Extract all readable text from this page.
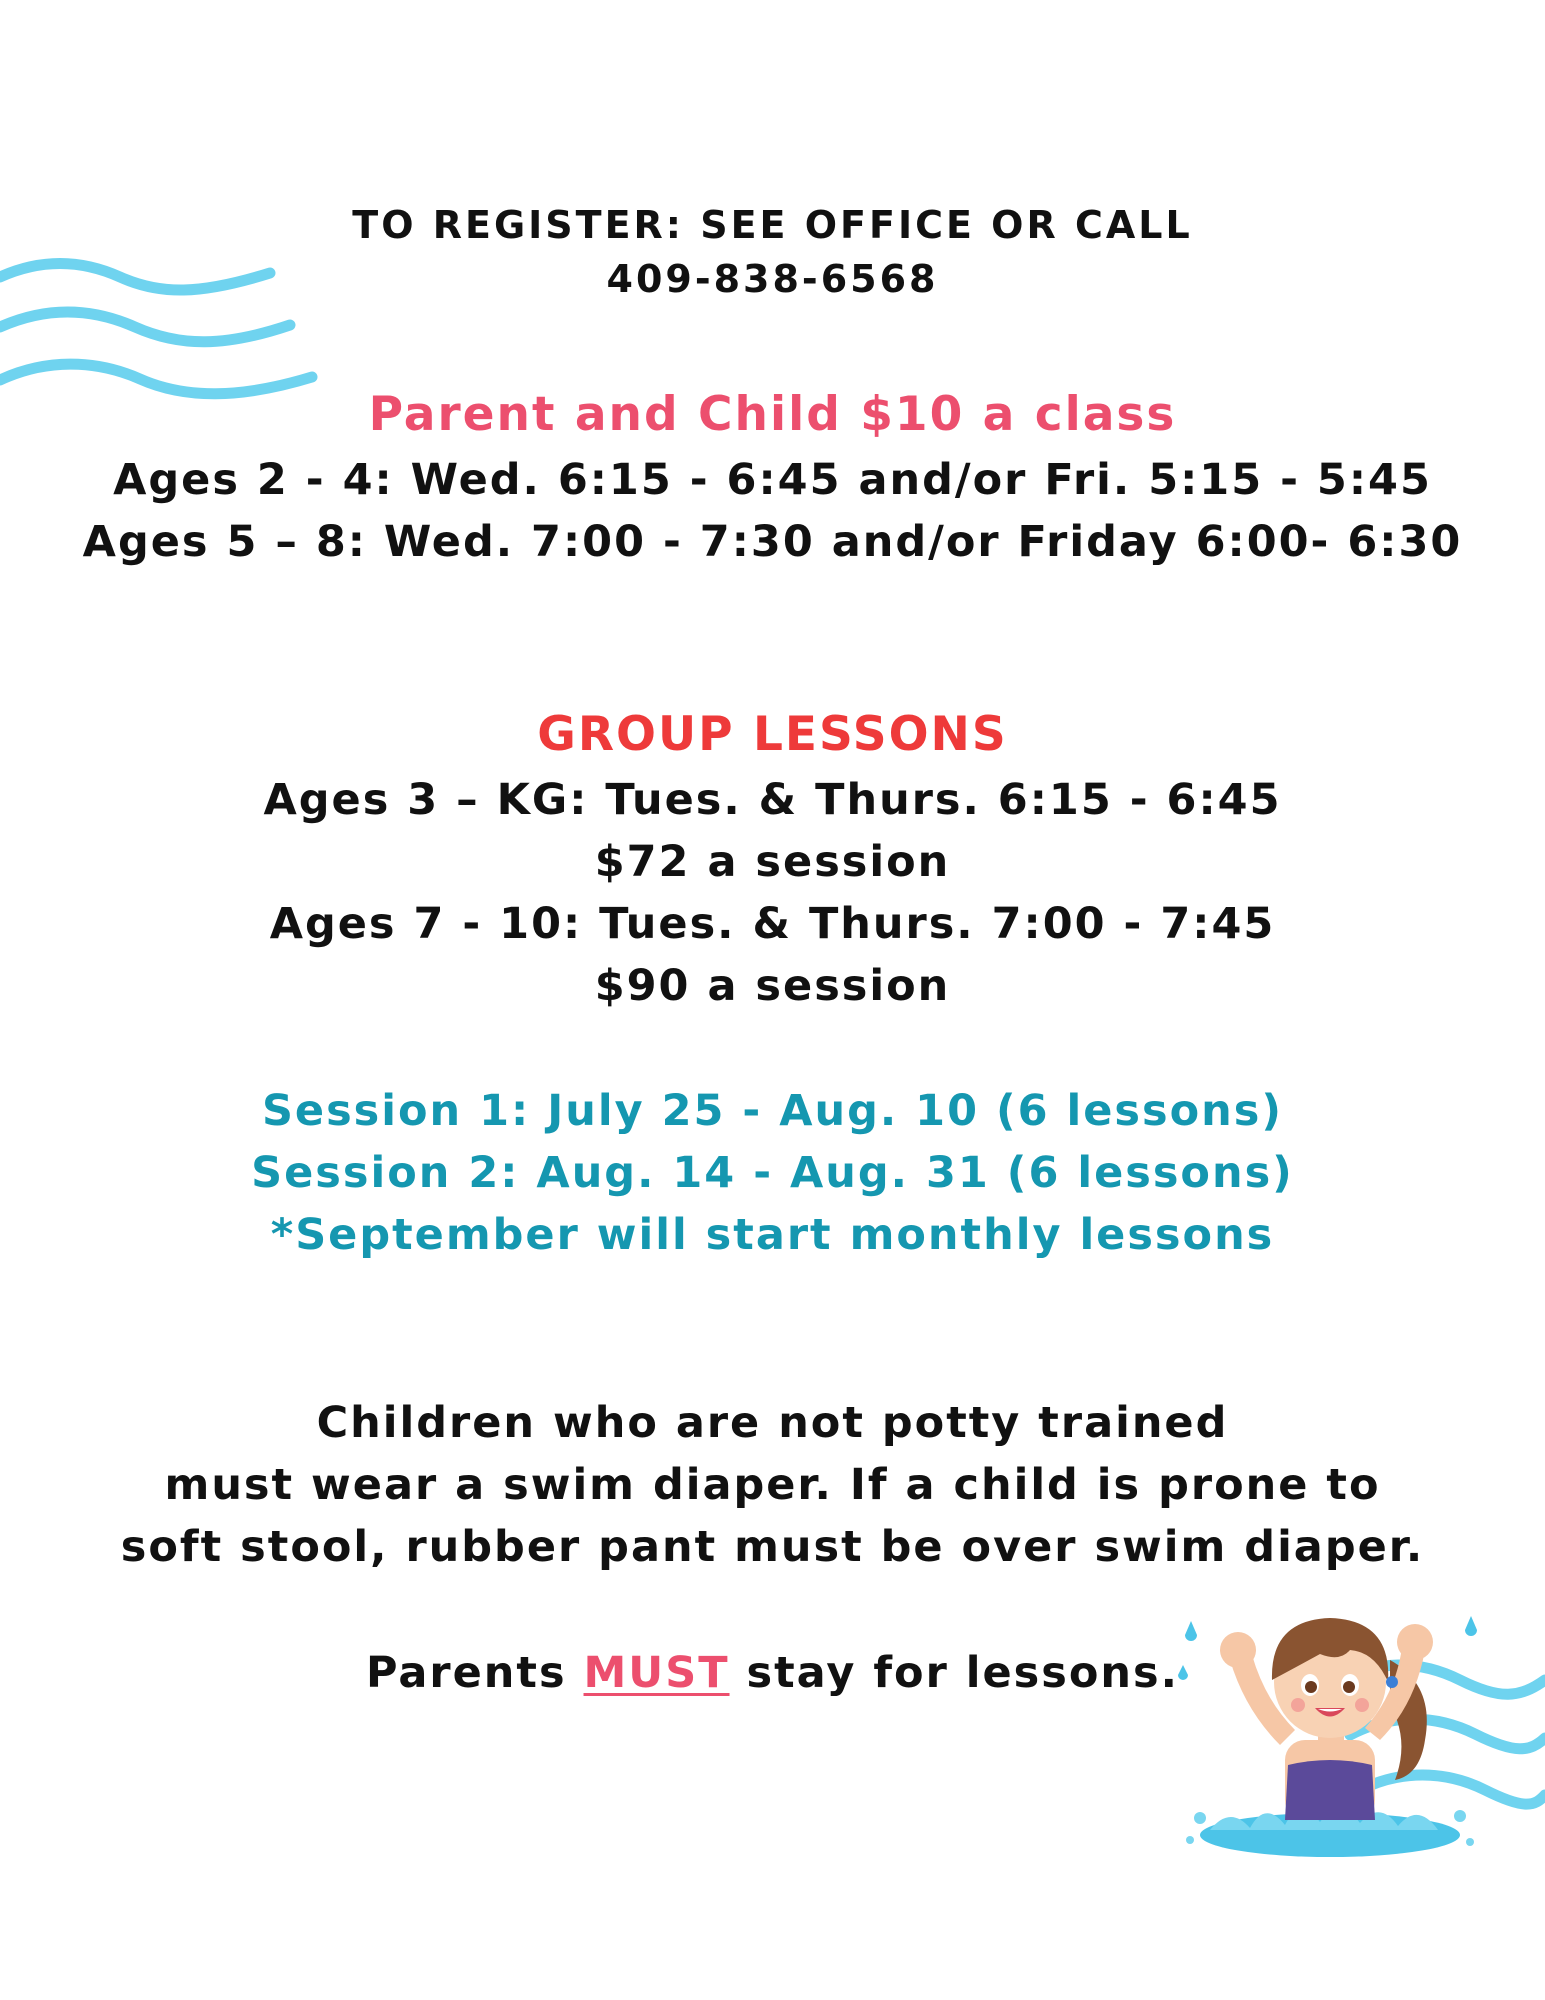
TO REGISTER: SEE OFFICE OR CALL
409-838-6568
Parent and Child $10 a class
Ages 2 - 4: Wed. 6:15 - 6:45 and/or Fri. 5:15 - 5:45
Ages 5 – 8: Wed. 7:00 - 7:30 and/or Friday 6:00- 6:30
GROUP LESSONS
Ages 3 – KG: Tues. & Thurs. 6:15 - 6:45
$72 a session
Ages 7 - 10: Tues. & Thurs. 7:00 - 7:45
$90 a session
Session 1: July 25 - Aug. 10 (6 lessons)
Session 2: Aug. 14 - Aug. 31 (6 lessons)
*September will start monthly lessons
Children who are not potty trained
must wear a swim diaper. If a child is prone to
soft stool, rubber pant must be over swim diaper.
Parents MUST stay for lessons.
